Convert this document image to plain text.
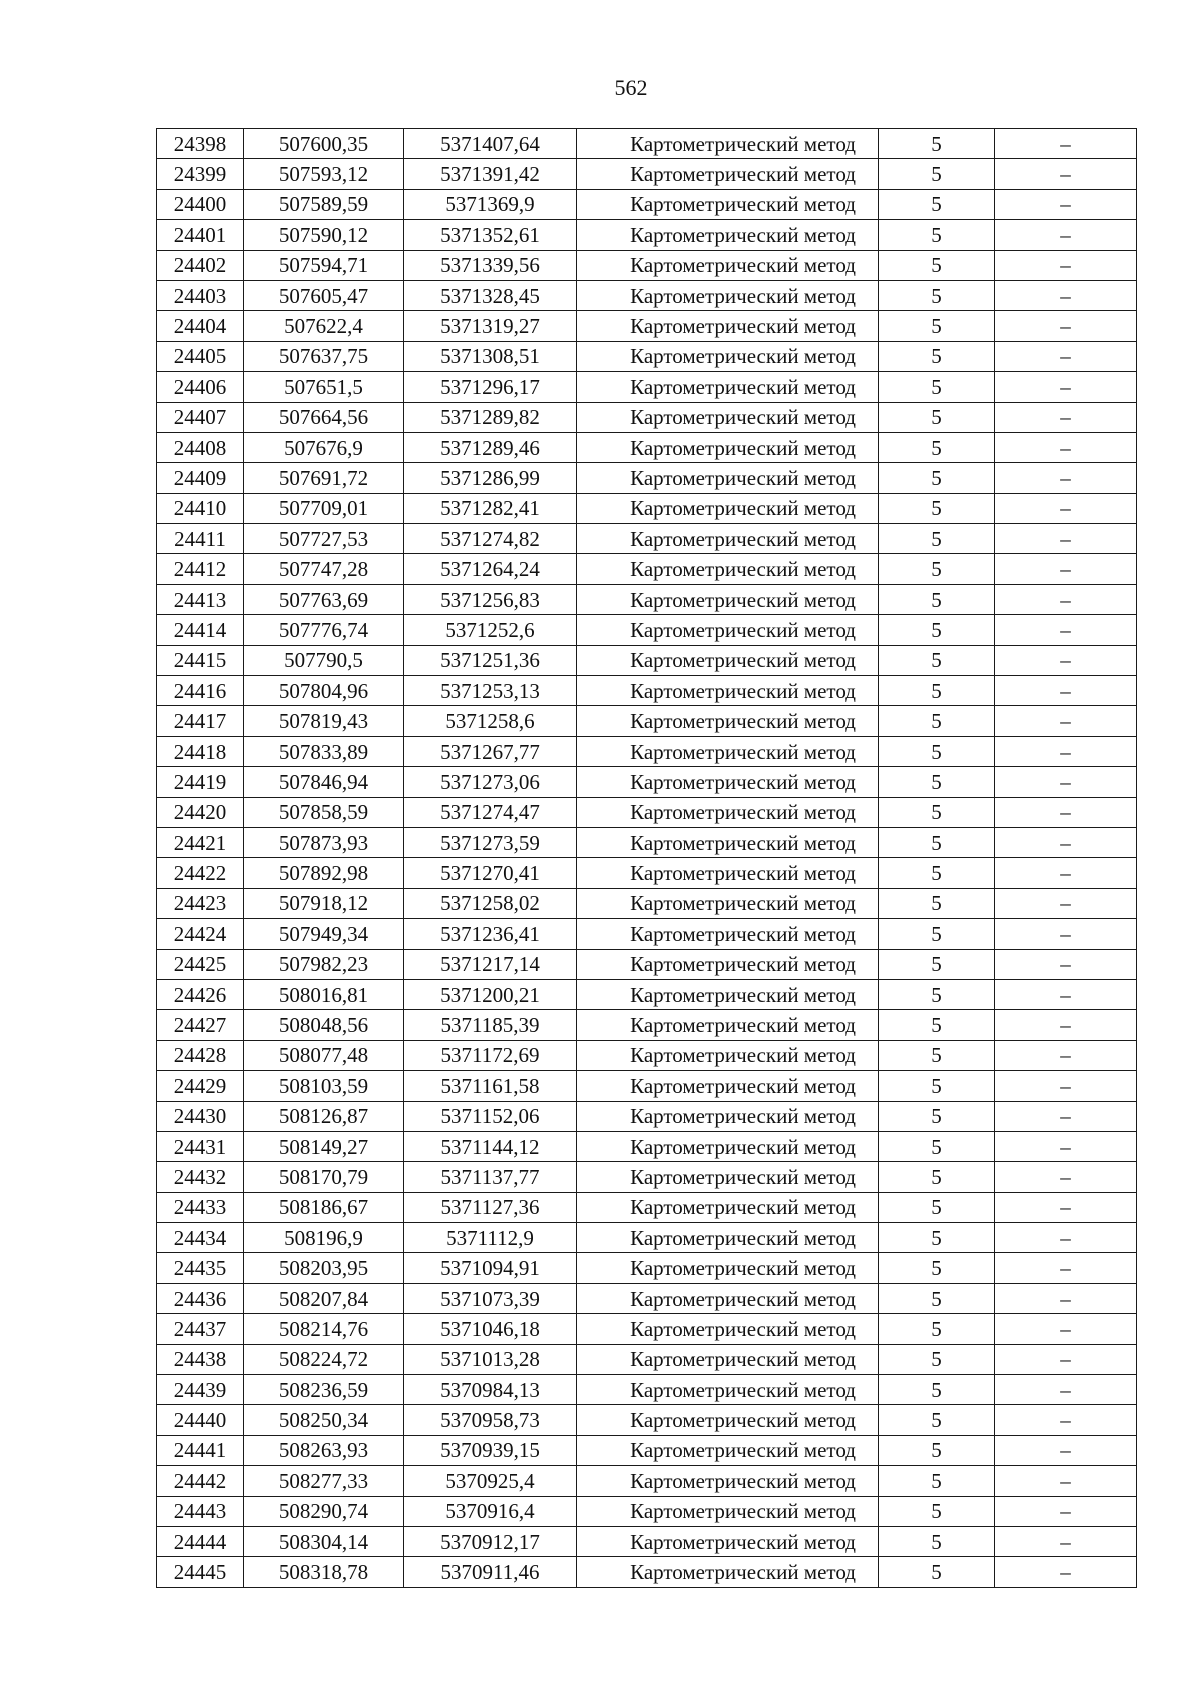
562
24398	507600,35	5371407,64	Картометрический метод	5	–
24399	507593,12	5371391,42	Картометрический метод	5	–
24400	507589,59	5371369,9	Картометрический метод	5	–
24401	507590,12	5371352,61	Картометрический метод	5	–
24402	507594,71	5371339,56	Картометрический метод	5	–
24403	507605,47	5371328,45	Картометрический метод	5	–
24404	507622,4	5371319,27	Картометрический метод	5	–
24405	507637,75	5371308,51	Картометрический метод	5	–
24406	507651,5	5371296,17	Картометрический метод	5	–
24407	507664,56	5371289,82	Картометрический метод	5	–
24408	507676,9	5371289,46	Картометрический метод	5	–
24409	507691,72	5371286,99	Картометрический метод	5	–
24410	507709,01	5371282,41	Картометрический метод	5	–
24411	507727,53	5371274,82	Картометрический метод	5	–
24412	507747,28	5371264,24	Картометрический метод	5	–
24413	507763,69	5371256,83	Картометрический метод	5	–
24414	507776,74	5371252,6	Картометрический метод	5	–
24415	507790,5	5371251,36	Картометрический метод	5	–
24416	507804,96	5371253,13	Картометрический метод	5	–
24417	507819,43	5371258,6	Картометрический метод	5	–
24418	507833,89	5371267,77	Картометрический метод	5	–
24419	507846,94	5371273,06	Картометрический метод	5	–
24420	507858,59	5371274,47	Картометрический метод	5	–
24421	507873,93	5371273,59	Картометрический метод	5	–
24422	507892,98	5371270,41	Картометрический метод	5	–
24423	507918,12	5371258,02	Картометрический метод	5	–
24424	507949,34	5371236,41	Картометрический метод	5	–
24425	507982,23	5371217,14	Картометрический метод	5	–
24426	508016,81	5371200,21	Картометрический метод	5	–
24427	508048,56	5371185,39	Картометрический метод	5	–
24428	508077,48	5371172,69	Картометрический метод	5	–
24429	508103,59	5371161,58	Картометрический метод	5	–
24430	508126,87	5371152,06	Картометрический метод	5	–
24431	508149,27	5371144,12	Картометрический метод	5	–
24432	508170,79	5371137,77	Картометрический метод	5	–
24433	508186,67	5371127,36	Картометрический метод	5	–
24434	508196,9	5371112,9	Картометрический метод	5	–
24435	508203,95	5371094,91	Картометрический метод	5	–
24436	508207,84	5371073,39	Картометрический метод	5	–
24437	508214,76	5371046,18	Картометрический метод	5	–
24438	508224,72	5371013,28	Картометрический метод	5	–
24439	508236,59	5370984,13	Картометрический метод	5	–
24440	508250,34	5370958,73	Картометрический метод	5	–
24441	508263,93	5370939,15	Картометрический метод	5	–
24442	508277,33	5370925,4	Картометрический метод	5	–
24443	508290,74	5370916,4	Картометрический метод	5	–
24444	508304,14	5370912,17	Картометрический метод	5	–
24445	508318,78	5370911,46	Картометрический метод	5	–
